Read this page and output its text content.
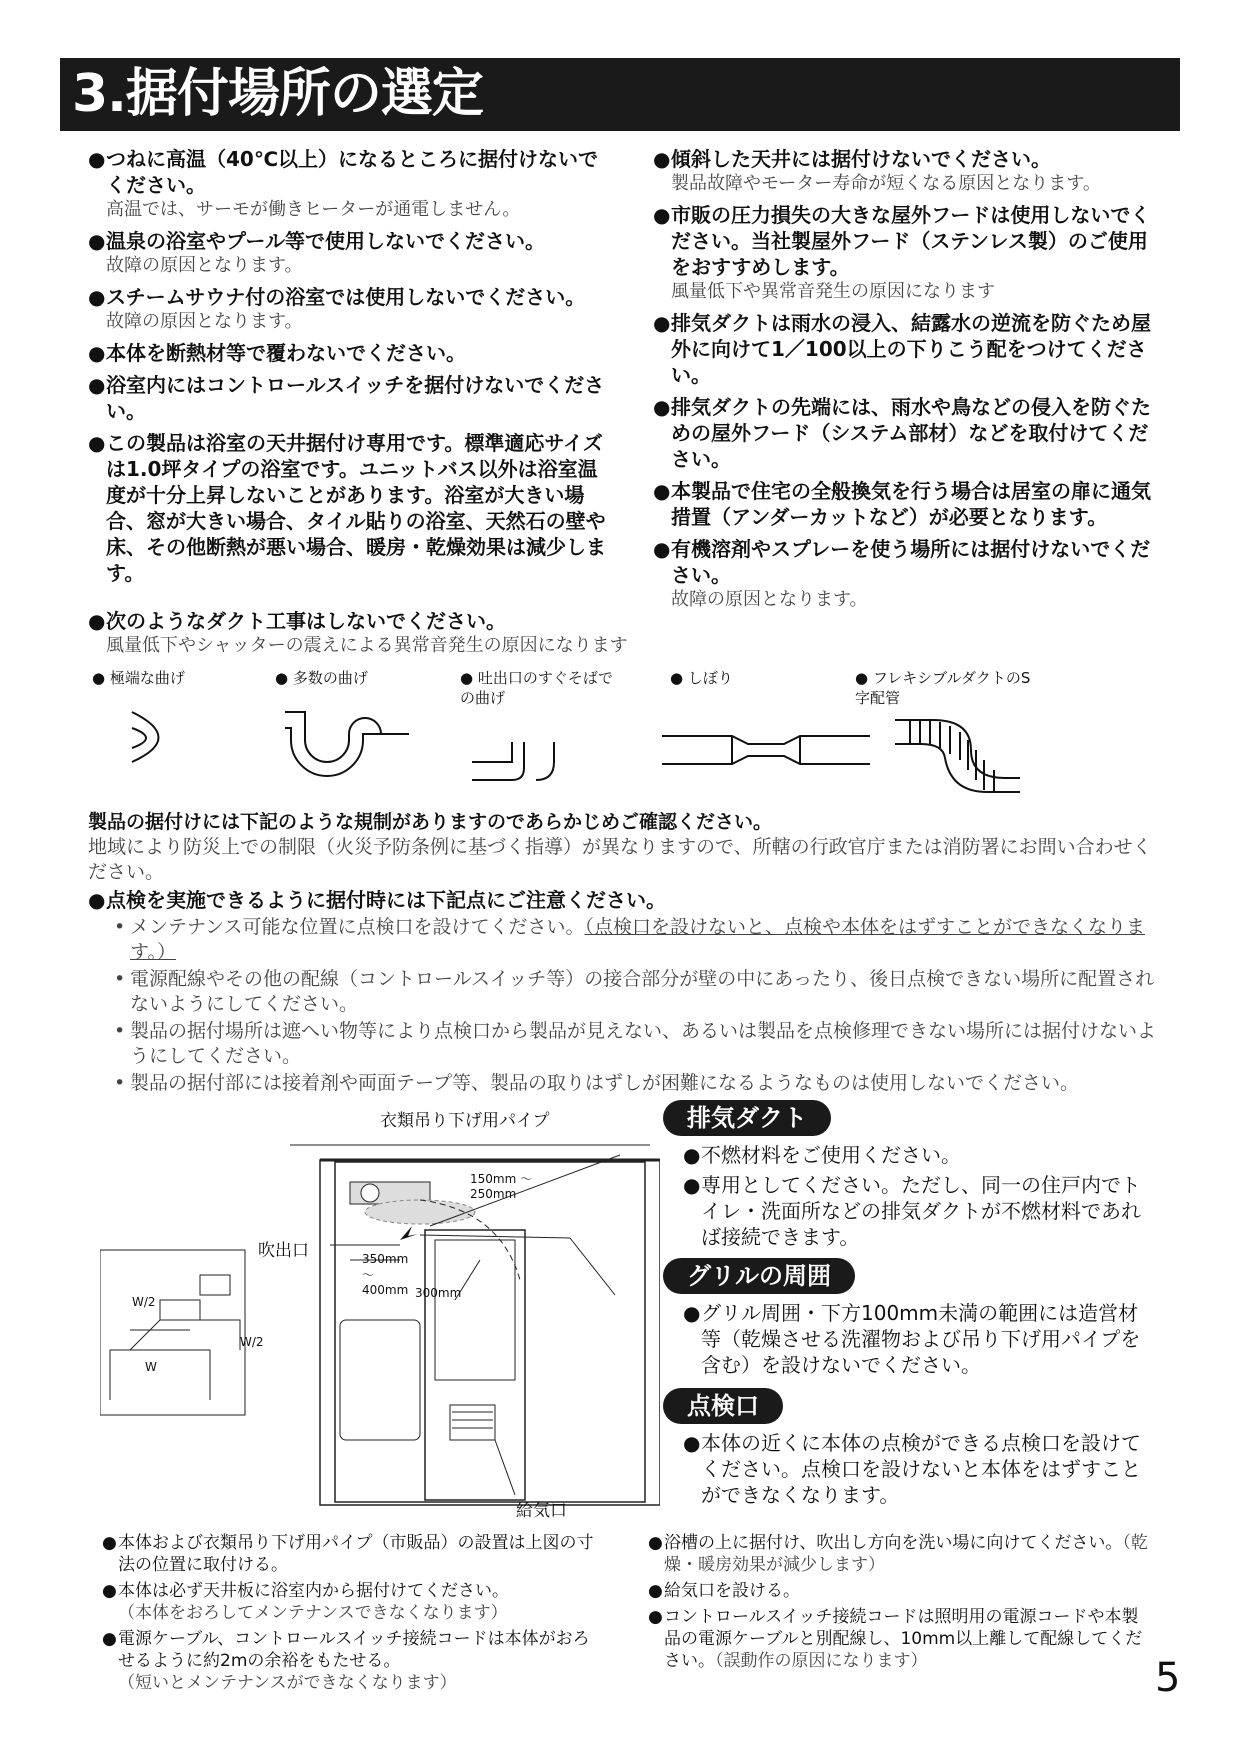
3.据付場所の選定
● つねに高温（40℃以上）になるところに据付けないでください。
高温では、サーモが働きヒーターが通電しません。
● 温泉の浴室やプール等で使用しないでください。
故障の原因となります。
● スチームサウナ付の浴室では使用しないでください。
故障の原因となります。
● 本体を断熱材等で覆わないでください。
● 浴室内にはコントロールスイッチを据付けないでください。
● この製品は浴室の天井据付け専用です。標準適応サイズは1.0坪タイプの浴室です。ユニットバス以外は浴室温度が十分上昇しないことがあります。浴室が大きい場合、窓が大きい場合、タイル貼りの浴室、天然石の壁や床、その他断熱が悪い場合、暖房・乾燥効果は減少します。
● 傾斜した天井には据付けないでください。
製品故障やモーター寿命が短くなる原因となります。
● 市販の圧力損失の大きな屋外フードは使用しないでください。当社製屋外フード（ステンレス製）のご使用をおすすめします。
風量低下や異常音発生の原因になります
● 排気ダクトは雨水の浸入、結露水の逆流を防ぐため屋外に向けて1／100以上の下りこう配をつけてください。
● 排気ダクトの先端には、雨水や鳥などの侵入を防ぐための屋外フード（システム部材）などを取付けてください。
● 本製品で住宅の全般換気を行う場合は居室の扉に通気措置（アンダーカットなど）が必要となります。
● 有機溶剤やスプレーを使う場所には据付けないでください。
故障の原因となります。
● 次のようなダクト工事はしないでください。
風量低下やシャッターの震えによる異常音発生の原因になります
● 極端な曲げ	● 多数の曲げ	● 吐出口のすぐそばでの曲げ
● しぼり	● フレキシブルダクトのS字配管
製品の据付けには下記のような規制がありますのであらかじめご確認ください。
地域により防災上での制限（火災予防条例に基づく指導）が異なりますので、所轄の行政官庁または消防署にお問い合わせください。
● 点検を実施できるように据付時には下記点にご注意ください。
• メンテナンス可能な位置に点検口を設けてください。（点検口を設けないと、点検や本体をはずすことができなくなります。）
• 電源配線やその他の配線（コントロールスイッチ等）の接合部分が壁の中にあったり、後日点検できない場所に配置されないようにしてください。
• 製品の据付場所は遮へい物等により点検口から製品が見えない、あるいは製品を点検修理できない場所には据付けないようにしてください。
• 製品の据付部には接着剤や両面テープ等、製品の取りはずしが困難になるようなものは使用しないでください。
衣類吊り下げ用パイプ
吹出口
給気口
150mm ～ 250mm
350mm ～ 400mm 300mm
W/2
W/2
W
排気ダクト
● 不燃材料をご使用ください。
● 専用としてください。ただし、同一の住戸内でトイレ・洗面所などの排気ダクトが不燃材料であれば接続できます。
グリルの周囲
● グリル周囲・下方100mm未満の範囲には造営材等（乾燥させる洗濯物および吊り下げ用パイプを含む）を設けないでください。
点検口
● 本体の近くに本体の点検ができる点検口を設けてください。点検口を設けないと本体をはずすことができなくなります。
● 本体および衣類吊り下げ用パイプ（市販品）の設置は上図の寸法の位置に取付ける。
● 本体は必ず天井板に浴室内から据付けてください。
（本体をおろしてメンテナンスできなくなります）
● 電源ケーブル、コントロールスイッチ接続コードは本体がおろせるように約2mの余裕をもたせる。
（短いとメンテナンスができなくなります）
● 浴槽の上に据付け、吹出し方向を洗い場に向けてください。（乾燥・暖房効果が減少します）
● 給気口を設ける。
● コントロールスイッチ接続コードは照明用の電源コードや本製品の電源ケーブルと別配線し、10mm以上離して配線してください。（誤動作の原因になります）	5
